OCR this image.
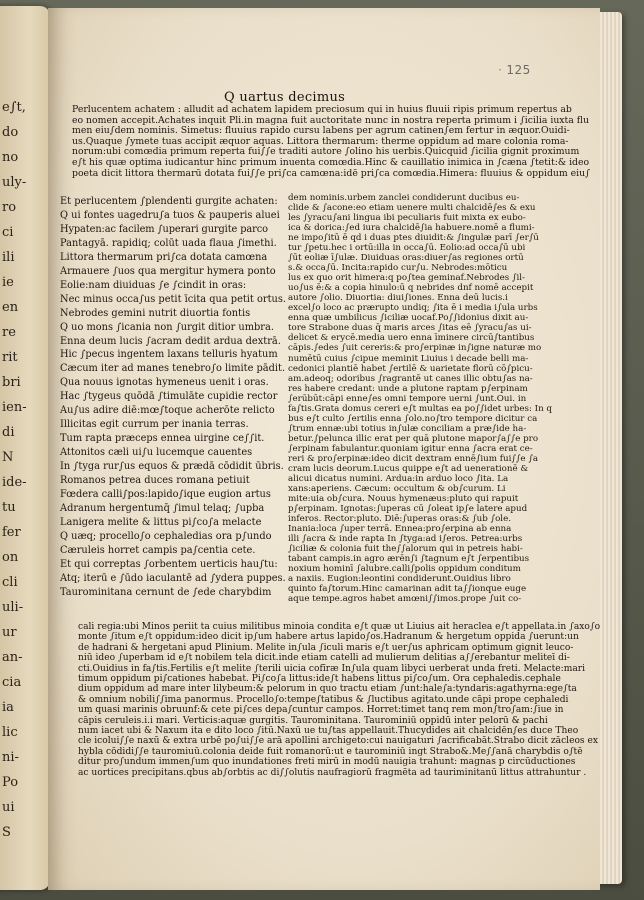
e∫t,
do
no
uly-
ro
ci
ili
ie
en
re
rit
bri
ien-
di
N
ide-
tu
fer
on
cli
uli-
ur
an-
cia
ia
lic
ni-
Po
ui
S
· 125
Q uartus decimus
Perlucentem achatem : alludit ad achatem lapidem preciosum qui in huius fluuii ripis primum repertus ab
eo nomen accepit.Achates inquit Pli.in magna fuit auctoritate nunc in nostra reperta primum i ∫icilia iuxta flu
men eiu∫dem nominis. Simetus: fluuius rapido cursu labens per agrum catinen∫em fertur in æquor.Ouidi-
us.Quaque ∫ymete tuas accipit æquor aquas. Littora thermarum: therme oppidum ad mare colonia roma-
norum:ubi comœdia primum reperta fui∫∫e traditi autore ∫olino his uerbis.Quicquid ∫icilia gignit proximum
e∫t his quæ optima iudicantur hinc primum inuenta comœdia.Hinc & cauillatio inimica in ∫cæna ∫tetit:& ideo
poeta dicit littora thermarū dotata fui∫∫e pri∫ca camœna:idē pri∫ca comœdia.Himera: fluuius & oppidum eiu∫
Et perlucentem ∫plendenti gurgite achaten:
Q ui fontes uagedru∫a tuos & pauperis aluei
Hypaten:ac facilem ∫uperari gurgite parco
Pantagyā. rapidiq; colūt uada flaua ∫imethi.
Littora thermarum pri∫ca dotata camœna
Armauere ∫uos qua mergitur hymera ponto
Eolie:nam diuiduas ∫e ∫cindit in oras:
Nec minus occa∫us petit īcita qua petit ortus.
Nebrodes gemini nutrit diuortia fontis
Q uo mons ∫icania non ∫urgit ditior umbra.
Enna deum lucis ∫acram dedit ardua dextrā.
Hic ∫pecus ingentem laxans telluris hyatum
Cæcum iter ad manes tenebro∫o limite pādit.
Qua nouus ignotas hymeneus uenit i oras.
Hac ∫tygeus quōdā ∫timulāte cupidie rector
Au∫us adire diē:mœ∫toque acherōte relicto
Illicitas egit currum per inania terras.
Tum rapta præceps ennea uirgine ce∫∫it.
Attonitos cæli ui∫u lucemque cauentes
In ∫tyga rur∫us equos & prædā cōdidit ūbris.
Romanos petrea duces romana petiuit
Fœdera calli∫pos:lapido∫ique eugion artus
Adranum hergentumq̄ ∫imul telaq; ∫upba
Lanigera melite & littus pi∫co∫a melacte
Q uæq; procello∫o cephaledias ora p∫undo
Cæruleis horret campis pa∫centia cete.
Et qui correptas ∫orbentem uerticis hau∫tu:
Atq; iterū e ∫ūdo iaculantē ad ∫ydera puppes.
Taurominitana cernunt de ∫ede charybdim
dem nominis.urbem zanclei condiderunt ducibus eu-
clide & ∫acone:eo etiam uenere multi chalcidē∫es & exu
les ∫yracu∫ani lingua ibi peculiaris fuit mixta ex eubo-
ica & dorica:∫ed iura chalcidē∫ia habuere.nomē a flumi-
ne impo∫itū ē qd i duas ptes diuidit:& ∫ingulæ parī ∫er∫ū
tur ∫petu.hec i ortū:illa in occa∫ū. Eolio:ad occa∫ū ubi
∫ūt eoliæ ī∫ulæ. Diuiduas oras:diuer∫as regiones ortū
s.& occa∫ū. Incita:rapido cur∫u. Nebrodes:mōticu
lus ex quo orit himera:q po∫tea geminaf.Nebrodes ∫il-
uo∫us ē:& a copia hinulo:ū q nebrides dnf nomē accepit
autore ∫olio. Diuortia: diui∫iones. Enna deū lucis.i
excel∫o loco ac prærupto undiq; ∫ita ē i media i∫ula urbs
enna quæ umbilicus ∫iciliæ uocaf.Po∫∫idonius dixit au-
tore Strabone duas q̄ maris arces ∫itas eē ∫yracu∫as ui-
delicet & erycē.media uero enna īminere circū∫tantibus
cāpis.∫edes ∫uit cereris:& pro∫erpinæ in∫igne naturæ mo
numētū cuius ∫cipue meminit Liuius i decade belli ma-
cedonici plantiē habet ∫ertilē & uarietate florū cō∫picu-
am.adeoq; odoribus ∫ragrantē ut canes illic obtu∫as na-
res habere credant: unde a plutone raptam p∫erpinam
∫erūbūt:cāpi enne∫es omni tempore uerni ∫unt.Oui. in
fa∫tis.Grata domus cereri e∫t multas ea po∫∫idet urbes: In q
bus e∫t culto ∫ertilis enna ∫olo.no∫tro tempore dicitur ca
∫trum ennæ:ubi totius in∫ulæ conciliam a præ∫ide ha-
betur.∫pelunca illic erat per quā plutone mapor∫a∫∫e pro
∫erpinam fabulantur.quoniam igitur enna ∫acra erat ce-
reri & pro∫erpinæ:ideo dicit dextram ennē∫ium fui∫∫e ∫a
cram lucis deorum.Lucus quippe e∫t ad uenerationē &
alicui dicatus numini. Ardua:in arduo loco ∫ita. La
xans:aperiens. Cæcum: occultum & ob∫curum. Li
mite:uia ob∫cura. Nouus hymenæus:pluto qui rapuit
p∫erpinam. Ignotas:∫uperas cū ∫oleat ip∫e latere apud
inferos. Rector:pluto. Diē:∫uperas oras:& ∫ub ∫ole.
Inania:loca ∫uper terrā. Ennea:pro∫erpina ab enna
illi ∫acra & inde rapta In ∫tyga:ad i∫eros. Petrea:urbs
∫iciliæ & colonia fuit the∫∫alorum qui in petreis habi-
tabant campis.in agro ærēn∫i ∫tagnum e∫t ∫erpentibus
noxium hominī ∫alubre.calli∫polis oppidum conditum
a naxiis. Eugion:leontini condiderunt.Ouidius libro
quinto fa∫torum.Hinc camarinan adit ta∫∫ionque euge
aque tempe.agros habet amœni∫∫imos.prope ∫uit co-
cali regia:ubi Minos periit ta cuius militibus minoia condita e∫t quæ ut Liuius ait heraclea e∫t appellata.in ∫axo∫o
monte ∫itum e∫t oppidum:ideo dicit ip∫um habere artus lapido∫os.Hadranum & hergetum oppida ∫uerunt:un
de hadrani & hergetani apud Plinium. Melite in∫ula ∫iculi maris e∫t uer∫us aphricam optimum gignit leuco-
niū ideo ∫uperbam id e∫t nobilem tela dicit.inde etiam catelli ad mulierum delitias a∫∫erebantur meliteī di-
cti.Ouidius in fa∫tis.Fertilis e∫t melite ∫terili uicia cofīræ In∫ula quam libyci uerberat unda freti. Melacte:mari
timum oppidum pi∫cationes habebat. Pi∫co∫a littus:ide∫t habens littus pi∫co∫um. Ora cephaledis.cephale
dium oppidum ad mare inter lilybeum:& pelorum in quo tractu etiam ∫unt:hale∫a:tyndaris:agathyrna:ege∫ta
& omnium nobili∫∫ima panormus. Procello∫o:tempe∫tatibus & ∫luctibus agitato.unde cāpi prope cephaledi
um quasi marinis obruunf:& cete pi∫ces depa∫cuntur campos. Horret:timet tanq rem mon∫tro∫am:∫iue in
cāpis ceruleis.i.i mari. Verticis:aquæ gurgitis. Taurominitana. Taurominiū oppidū inter pelorū & pachi
num iacet ubi & Naxum ita e dito loco ∫itū.Naxū ue tu∫tas appellauit.Thucydides ait chalcidēn∫es duce Theo
cle icolui∫∫e naxū & extra urbē po∫ui∫∫e arā apollini archigeto:cui nauigaturi ∫acrificabāt.Strabo dicit zācleos ex
hybla cōdidi∫∫e tauromiuū.colonia deide fuit romanorū:ut e taurominiū ingt Strabo&.Me∫∫anā charybdis o∫tē
ditur pro∫undum immen∫um quo inundationes freti mirū in modū nauigia trahunt: magnas p circūductiones
ac uortices precipitans.qbus ab∫orbtis ac di∫∫olutis naufragiorū fragmēta ad tauriminitanū littus attrahuntur .
